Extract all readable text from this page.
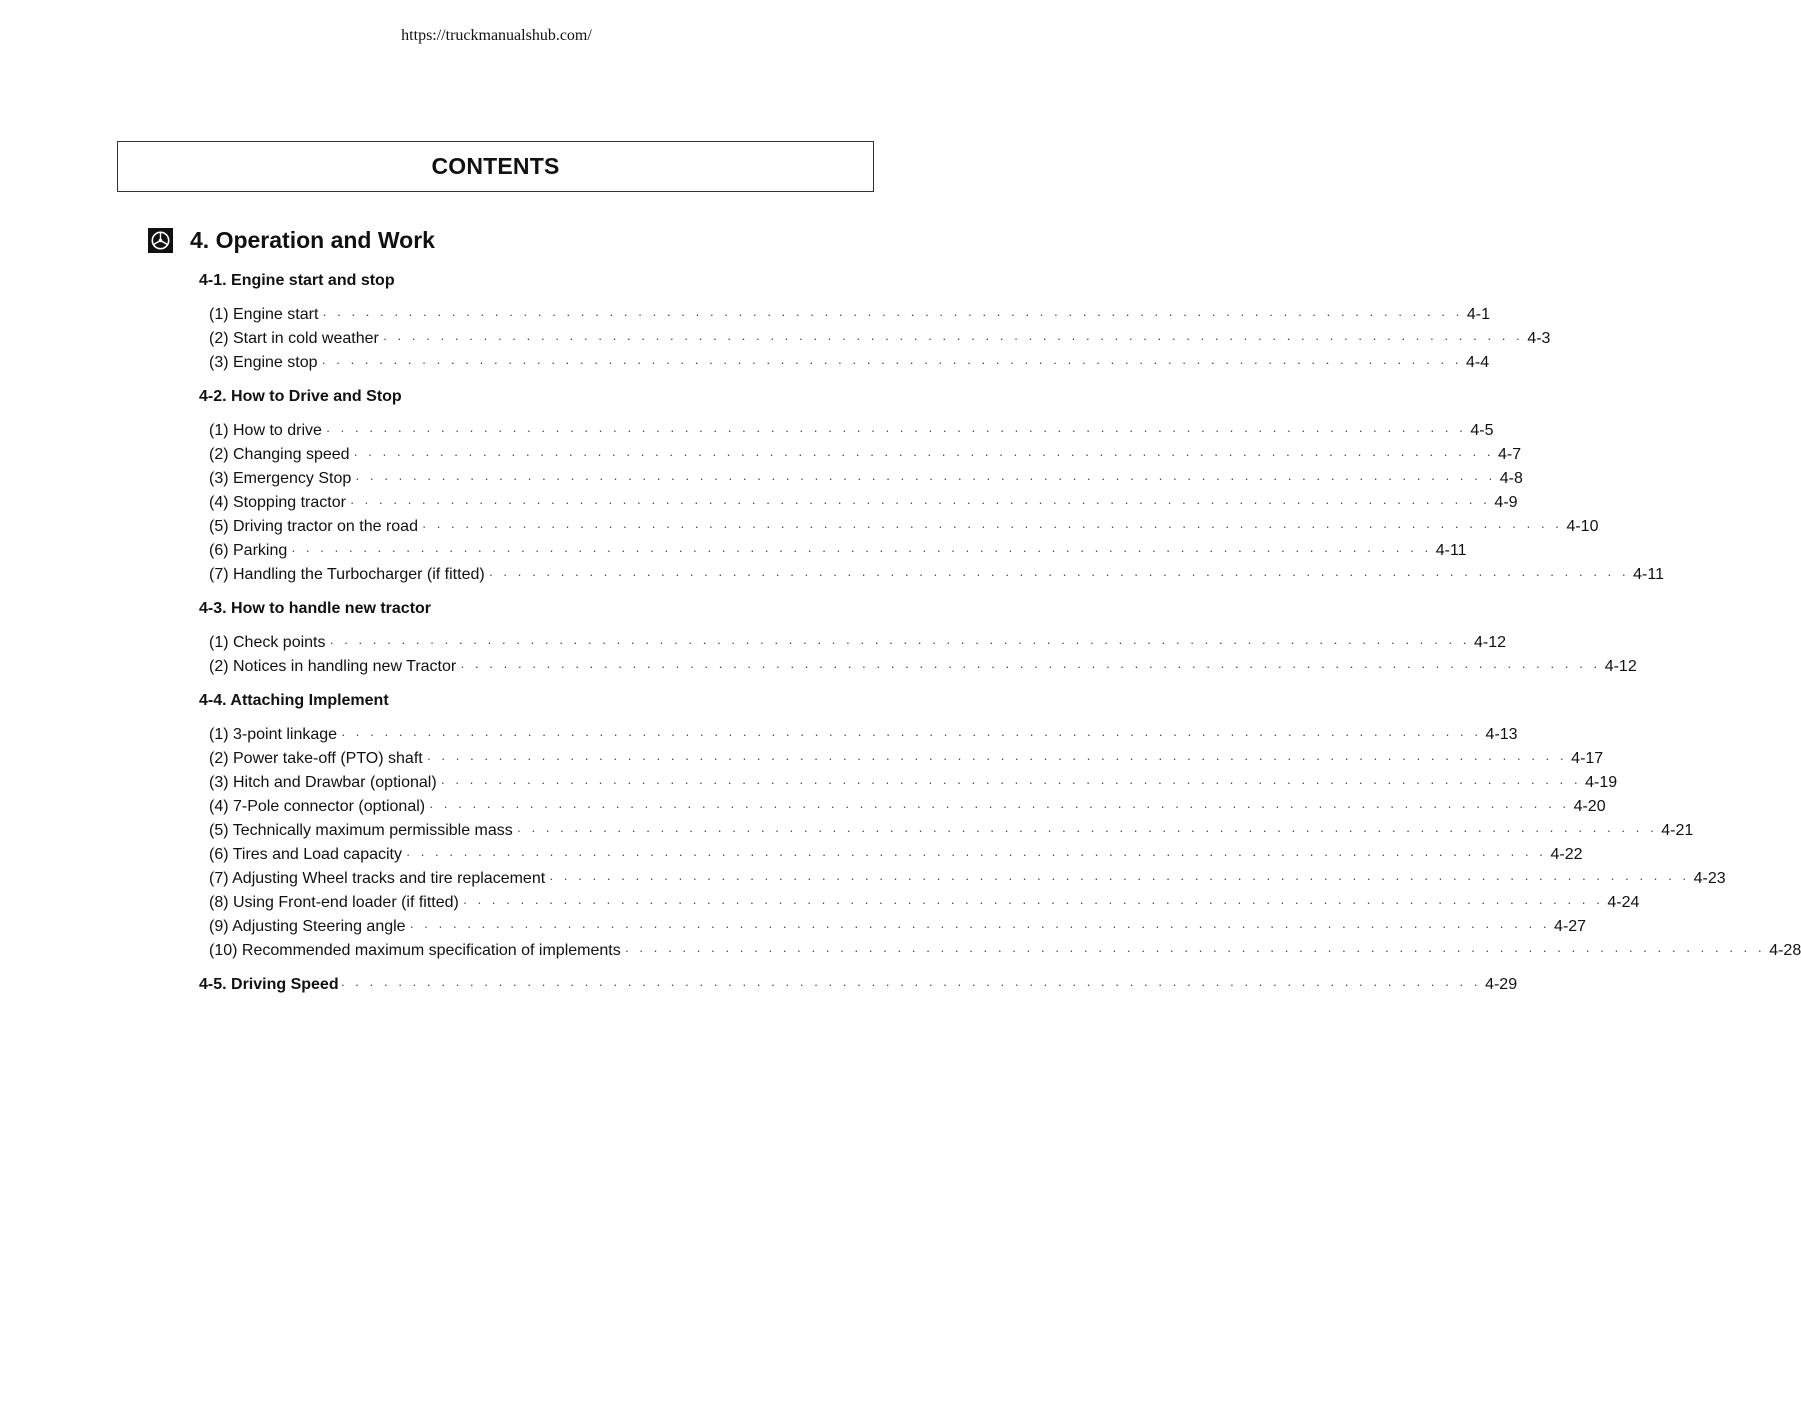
https://truckmanualshub.com/
CONTENTS
4. Operation and Work
4-1. Engine start and stop
(1) Engine start · · · · · · · · · · · · · · · · · · · · · · · · · · · · · · · · · · · · · · · · · · · · · · · · · · · · · · · · · · · · · · · · · · · · · · · · · · · · · · · · 4-1
(2) Start in cold weather · · · · · · · · · · · · · · · · · · · · · · · · · · · · · · · · · · · · · · · · · · · · · · · · · · · · · · · · · · · · · · · · · · · · · · · · · · · · · · · · 4-3
(3) Engine stop · · · · · · · · · · · · · · · · · · · · · · · · · · · · · · · · · · · · · · · · · · · · · · · · · · · · · · · · · · · · · · · · · · · · · · · · · · · · · · · · 4-4
4-2. How to Drive and Stop
(1) How to drive · · · · · · · · · · · · · · · · · · · · · · · · · · · · · · · · · · · · · · · · · · · · · · · · · · · · · · · · · · · · · · · · · · · · · · · · · · · · · · · · 4-5
(2) Changing speed · · · · · · · · · · · · · · · · · · · · · · · · · · · · · · · · · · · · · · · · · · · · · · · · · · · · · · · · · · · · · · · · · · · · · · · · · · · · · · · · 4-7
(3) Emergency Stop · · · · · · · · · · · · · · · · · · · · · · · · · · · · · · · · · · · · · · · · · · · · · · · · · · · · · · · · · · · · · · · · · · · · · · · · · · · · · · · · 4-8
(4) Stopping tractor · · · · · · · · · · · · · · · · · · · · · · · · · · · · · · · · · · · · · · · · · · · · · · · · · · · · · · · · · · · · · · · · · · · · · · · · · · · · · · · · 4-9
(5) Driving tractor on the road · · · · · · · · · · · · · · · · · · · · · · · · · · · · · · · · · · · · · · · · · · · · · · · · · · · · · · · · · · · · · · · · · · · · · · · · · · · · · · · · 4-10
(6) Parking · · · · · · · · · · · · · · · · · · · · · · · · · · · · · · · · · · · · · · · · · · · · · · · · · · · · · · · · · · · · · · · · · · · · · · · · · · · · · · · · 4-11
(7) Handling the Turbocharger (if fitted) · · · · · · · · · · · · · · · · · · · · · · · · · · · · · · · · · · · · · · · · · · · · · · · · · · · · · · · · · · · · · · · · · · · · · · · · · · · · · · · · 4-11
4-3. How to handle new tractor
(1) Check points · · · · · · · · · · · · · · · · · · · · · · · · · · · · · · · · · · · · · · · · · · · · · · · · · · · · · · · · · · · · · · · · · · · · · · · · · · · · · · · · 4-12
(2) Notices in handling new Tractor · · · · · · · · · · · · · · · · · · · · · · · · · · · · · · · · · · · · · · · · · · · · · · · · · · · · · · · · · · · · · · · · · · · · · · · · · · · · · · · · 4-12
4-4. Attaching Implement
(1) 3-point linkage · · · · · · · · · · · · · · · · · · · · · · · · · · · · · · · · · · · · · · · · · · · · · · · · · · · · · · · · · · · · · · · · · · · · · · · · · · · · · · · · 4-13
(2) Power take-off (PTO) shaft · · · · · · · · · · · · · · · · · · · · · · · · · · · · · · · · · · · · · · · · · · · · · · · · · · · · · · · · · · · · · · · · · · · · · · · · · · · · · · · · 4-17
(3) Hitch and Drawbar (optional) · · · · · · · · · · · · · · · · · · · · · · · · · · · · · · · · · · · · · · · · · · · · · · · · · · · · · · · · · · · · · · · · · · · · · · · · · · · · · · · · 4-19
(4) 7-Pole connector (optional) · · · · · · · · · · · · · · · · · · · · · · · · · · · · · · · · · · · · · · · · · · · · · · · · · · · · · · · · · · · · · · · · · · · · · · · · · · · · · · · · 4-20
(5) Technically maximum permissible mass · · · · · · · · · · · · · · · · · · · · · · · · · · · · · · · · · · · · · · · · · · · · · · · · · · · · · · · · · · · · · · · · · · · · · · · · · · · · · · · · 4-21
(6) Tires and Load capacity · · · · · · · · · · · · · · · · · · · · · · · · · · · · · · · · · · · · · · · · · · · · · · · · · · · · · · · · · · · · · · · · · · · · · · · · · · · · · · · · 4-22
(7) Adjusting Wheel tracks and tire replacement · · · · · · · · · · · · · · · · · · · · · · · · · · · · · · · · · · · · · · · · · · · · · · · · · · · · · · · · · · · · · · · · · · · · · · · · · · · · · · · · 4-23
(8) Using Front-end loader (if fitted) · · · · · · · · · · · · · · · · · · · · · · · · · · · · · · · · · · · · · · · · · · · · · · · · · · · · · · · · · · · · · · · · · · · · · · · · · · · · · · · · 4-24
(9) Adjusting Steering angle · · · · · · · · · · · · · · · · · · · · · · · · · · · · · · · · · · · · · · · · · · · · · · · · · · · · · · · · · · · · · · · · · · · · · · · · · · · · · · · · 4-27
(10) Recommended maximum specification of implements · · · · · · · · · · · · · · · · · · · · · · · · · · · · · · · · · · · · · · · · · · · · · · · · · · · · · · · · · · · · · · · · · · · · · · · · · · · · · · · · 4-28
4-5. Driving Speed · · · · · · · · · · · · · · · · · · · · · · · · · · · · · · · · · · · · · · · · · · · · · · · · · · · · · · · · · · · · · · · · · · · · · · · · · · · · · · · · 4-29
